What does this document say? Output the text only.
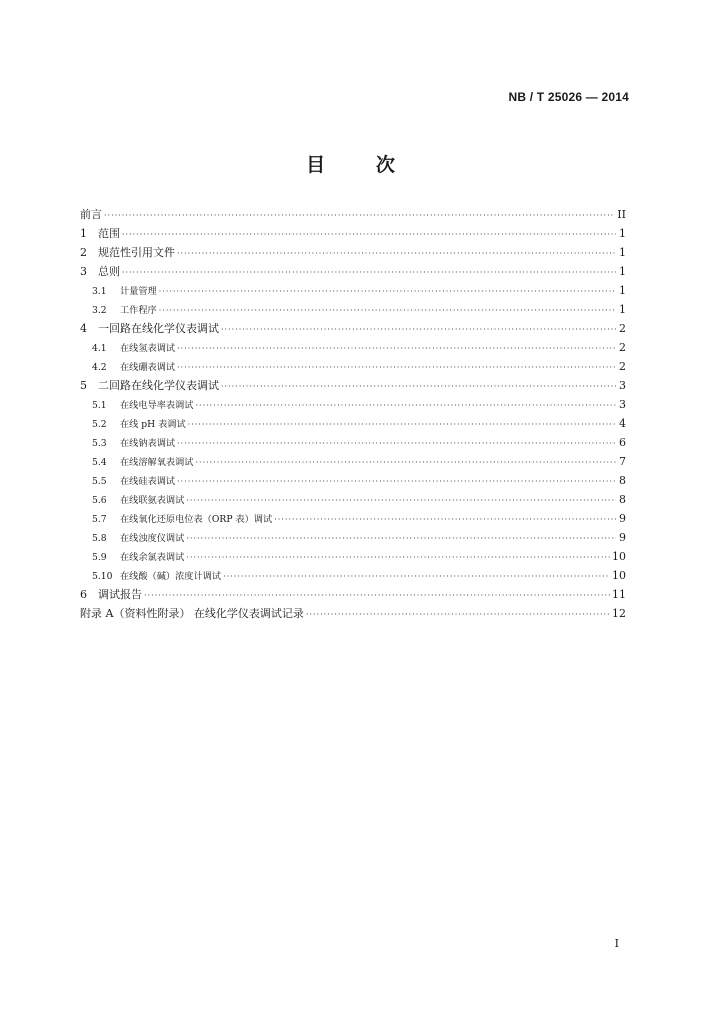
NB / T 25026 — 2014
目	次
前言 ·····	II
1	范围 ·····	1
2	规范性引用文件 ·····	1
3	总则 ·····	1
3.1	计量管理 ·····	1
3.2	工作程序 ·····	1
4	一回路在线化学仪表调试 ·····	2
4.1	在线氢表调试 ·····	2
4.2	在线硼表调试 ·····	2
5	二回路在线化学仪表调试 ·····	3
5.1	在线电导率表调试 ·····	3
5.2	在线 pH 表调试 ·····	4
5.3	在线钠表调试 ·····	6
5.4	在线溶解氧表调试 ·····	7
5.5	在线硅表调试 ·····	8
5.6	在线联氨表调试 ·····	8
5.7	在线氧化还原电位表（ORP 表）调试 ·····	9
5.8	在线浊度仪调试 ·····	9
5.9	在线余氯表调试 ·····	10
5.10 在线酸（碱）浓度计调试 ·····	10
6	调试报告 ·····	11
附录 A（资料性附录） 在线化学仪表调试记录 ·····	12
I
